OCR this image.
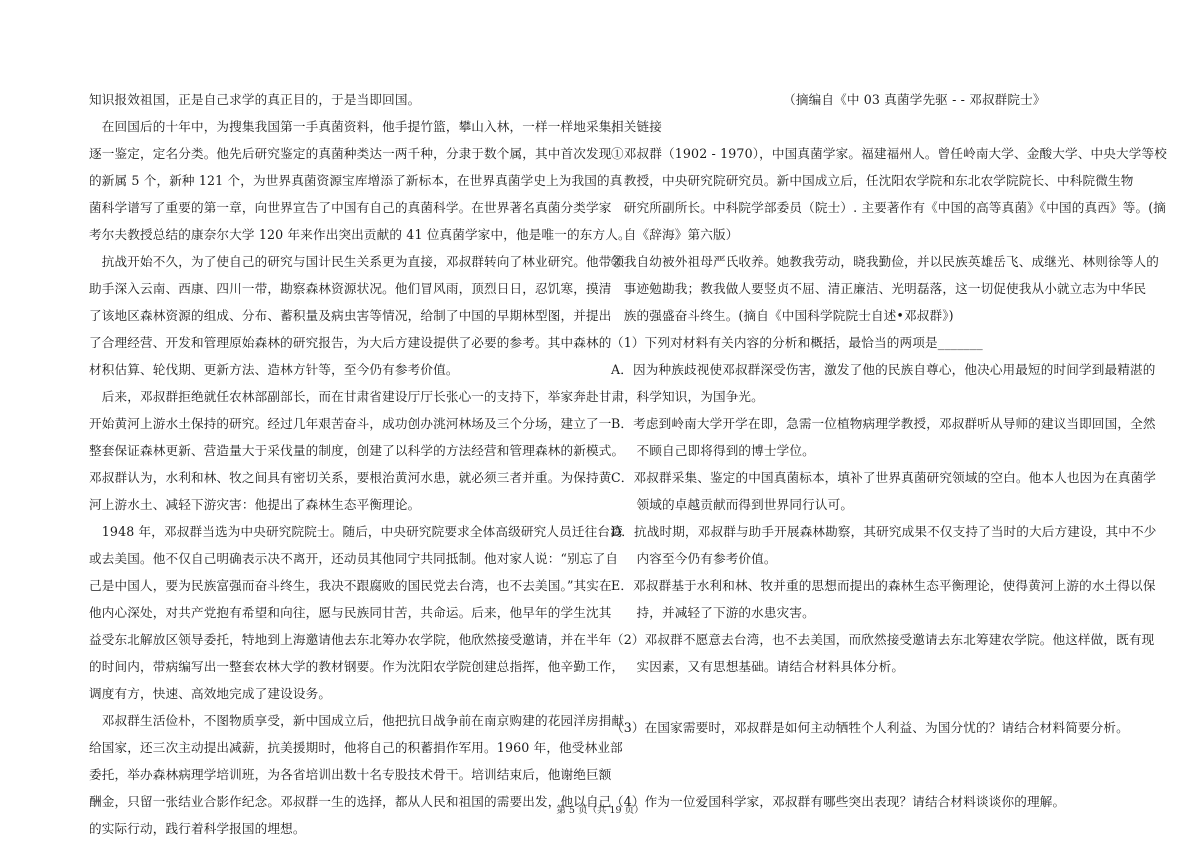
知识报效祖国，正是自己求学的真正目的，于是当即回国。
　在回国后的十年中，为搜集我国第一手真菌资料，他手提竹篮，攀山入林，一样一样地采集，
逐一鉴定，定名分类。他先后研究鉴定的真菌种类达一两千种，分隶于数个属，其中首次发现
的新属 5 个，新种 121 个，为世界真菌资源宝库增添了新标本，在世界真菌学史上为我国的真
菌科学谱写了重要的第一章，向世界宣告了中国有自己的真菌科学。在世界著名真菌分类学家
考尔夫教授总结的康奈尔大学 120 年来作出突出贡献的 41 位真菌学家中，他是唯一的东方人。
　抗战开始不久，为了使自己的研究与国计民生关系更为直接，邓叔群转向了林业研究。他带领
助手深入云南、西康、四川一带，勘察森林资源状况。他们冒风雨，顶烈日日，忍饥寒，摸清
了该地区森林资源的组成、分布、蓄积量及病虫害等情况，给制了中国的早期林型图，并提出
了合理经营、开发和管理原始森林的研究报告，为大后方建设提供了必要的参考。其中森林的
材积估算、轮伐期、更新方法、造林方针等，至今仍有参考价值。
　后来，邓叔群拒绝就任农林部副部长，而在甘肃省建设厅厅长张心一的支持下，举家奔赴甘肃，
开始黄河上游水土保持的研究。经过几年艰苦奋斗，成功创办洮河林场及三个分场，建立了一
整套保证森林更新、营造量大于采伐量的制度，创建了以科学的方法经营和管理森林的新模式。
邓叔群认为，水利和林、牧之间具有密切关系，要根治黄河水患，就必须三者并重。为保持黄
河上游水土、减轻下游灾害：他提出了森林生态平衡理论。
　1948 年，邓叔群当选为中央研究院院士。随后，中央研究院要求全体高级研究人员迁往台湾
或去美国。他不仅自己明确表示决不离开，还动员其他同宁共同抵制。他对家人说：“别忘了自
己是中国人，要为民族富强而奋斗终生，我决不跟腐败的国民党去台湾，也不去美国。”其实在
他内心深处，对共产党抱有希望和向往，愿与民族同甘苦，共命运。后来，他早年的学生沈其
益受东北解放区领导委托，特地到上海邀请他去东北筹办农学院，他欣然接受邀请，并在半年
的时间内，带病编写出一整套农林大学的教材钢要。作为沈阳农学院创建总指挥，他辛勤工作，
调度有方，快速、高效地完成了建设设务。
　邓叔群生活俭朴，不图物质享受，新中国成立后，他把抗日战争前在南京购建的花园洋房捐献
给国家，还三次主动提出减薪，抗美援期时，他将自己的积蓄捐作军用。1960 年，他受林业部
委托，举办森林病理学培训班，为各省培训出数十名专股技术骨干。培训结束后，他谢绝巨额
酬金，只留一张结业合影作纪念。邓叔群一生的选择，都从人民和祖国的需要出发，他以自己
的实际行动，践行着科学报国的埋想。
　　　　　　　　　　　　　　（摘编自《中 03 真菌学先驱 - - 邓叔群院士》
相关链接
①邓叔群（1902 - 1970），中国真菌学家。福建福州人。曾任岭南大学、金酸大学、中央大学等校
　教授，中央研究院研究员。新中国成立后，任沈阳农学院和东北农学院院长、中科院微生物
　研究所副所长。中科院学部委员（院士）. 主要著作有《中国的高等真菌》《中国的真西》等。(摘
　自《辞海》第六版）
②我自幼被外祖母严氏收养。她教我劳动，晓我勤俭，并以民族英雄岳飞、成继光、林则徐等人的
　事迹勉勘我；教我做人要竖贞不屈、清正廉洁、光明磊落，这一切促使我从小就立志为中华民
　族的强盛奋斗终生。(摘自《中国科学院院士自述•邓叔群》)
（1）下列对材料有关内容的分析和概括，最恰当的两项是_______
A．因为种族歧视使邓叔群深受伤害，激发了他的民族自尊心，他决心用最短的时间学到最精湛的
　　科学知识，为国争光。
B．考虑到岭南大学开学在即，急需一位植物病理学教授，邓叔群听从导师的建议当即回国，全然
　　不顾自己即将得到的博士学位。
C．邓叔群采集、鉴定的中国真菌标本，填补了世界真菌研究领域的空白。他本人也因为在真菌学
　　领域的卓越贡献而得到世界同行认可。
D．抗战时期，邓叔群与助手开展森林勘察，其研究成果不仅支持了当时的大后方建设，其中不少
　　内容至今仍有参考价值。
E．邓叔群基于水利和林、牧并重的思想而提出的森林生态平衡理论，使得黄河上游的水土得以保
　　持，并减轻了下游的水患灾害。
（2）邓叔群不愿意去台湾，也不去美国，而欣然接受邀请去东北筹建农学院。他这样做，既有现
　　实因素，又有思想基础。请结合材料具体分析。
（3）在国家需要时，邓叔群是如何主动牺牲个人利益、为国分忧的？请结合材料简要分析。
（4）作为一位爱国科学家，邓叔群有哪些突出表现？请结合材料谈谈你的理解。
第 5 页（共 19 页）
